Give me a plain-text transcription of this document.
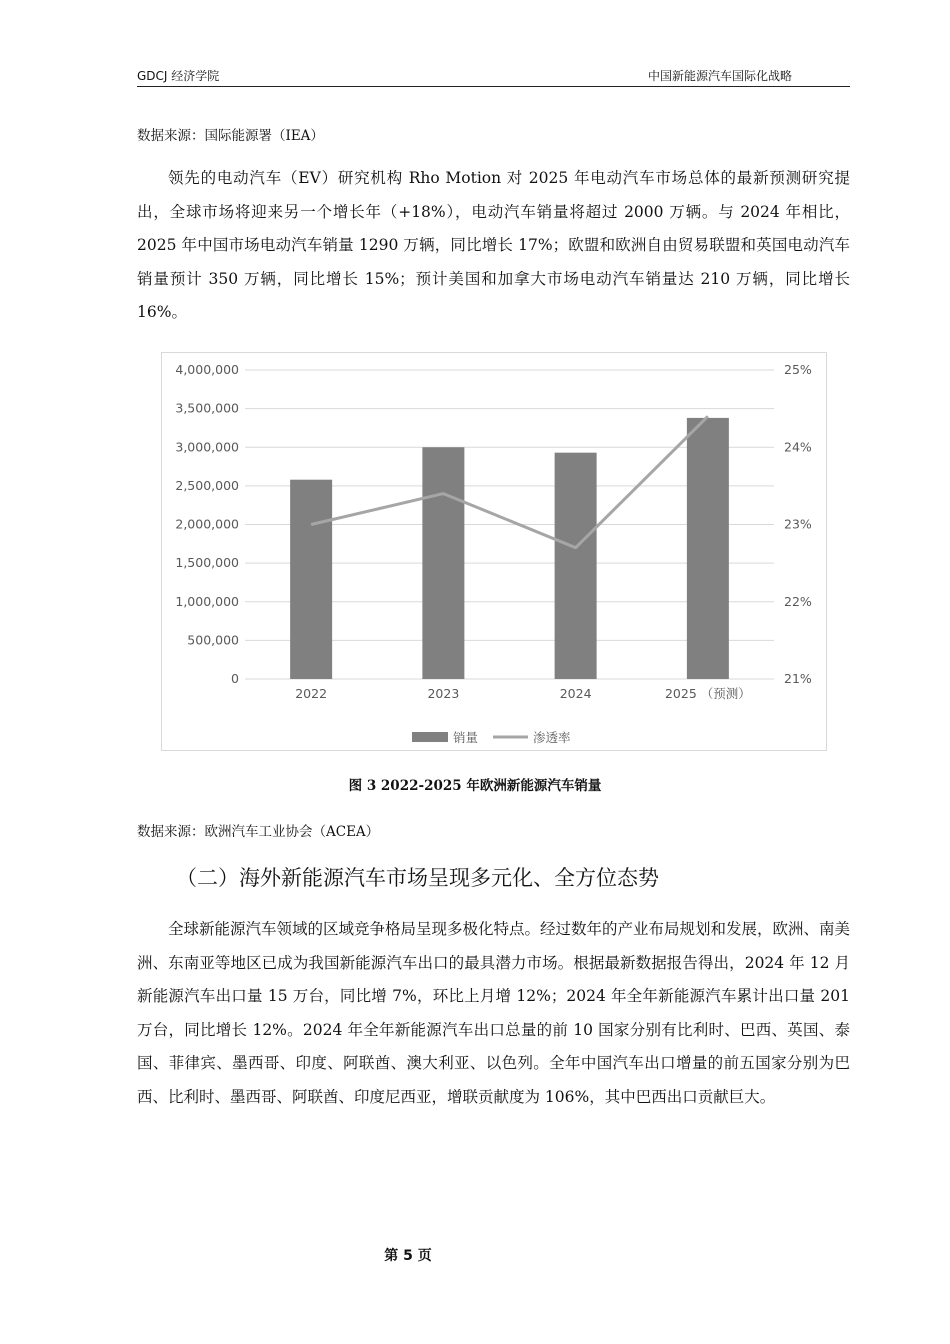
GDCJ 经济学院	中国新能源汽车国际化战略
数据来源：国际能源署（IEA）

领先的电动汽车（EV）研究机构 Rho Motion 对 2025 年电动汽车市场总体的最新预测研究提出，全球市场将迎来另一个增长年（+18%），电动汽车销量将超过 2000 万辆。与 2024 年相比，2025 年中国市场电动汽车销量 1290 万辆，同比增长 17%；欧盟和欧洲自由贸易联盟和英国电动汽车销量预计 350 万辆，同比增长 15%；预计美国和加拿大市场电动汽车销量达 210 万辆，同比增长 16%。

0
500,000
1,000,000
1,500,000
2,000,000
2,500,000
3,000,000
3,500,000
4,000,000
21%
22%
23%
24%
25%
2022	2023	2024	2025 （预测）
销量	渗透率
图 3 2022-2025 年欧洲新能源汽车销量
数据来源：欧洲汽车工业协会（ACEA）
（二）海外新能源汽车市场呈现多元化、全方位态势

全球新能源汽车领域的区域竞争格局呈现多极化特点。经过数年的产业布局规划和发展，欧洲、南美洲、东南亚等地区已成为我国新能源汽车出口的最具潜力市场。根据最新数据报告得出，2024 年 12 月新能源汽车出口量 15 万台，同比增 7%，环比上月增 12%；2024 年全年新能源汽车累计出口量 201 万台，同比增长 12%。2024 年全年新能源汽车出口总量的前 10 国家分别有比利时、巴西、英国、泰国、菲律宾、墨西哥、印度、阿联酋、澳大利亚、以色列。全年中国汽车出口增量的前五国家分别为巴西、比利时、墨西哥、阿联酋、印度尼西亚，增联贡献度为 106%，其中巴西出口贡献巨大。

第 5 页
